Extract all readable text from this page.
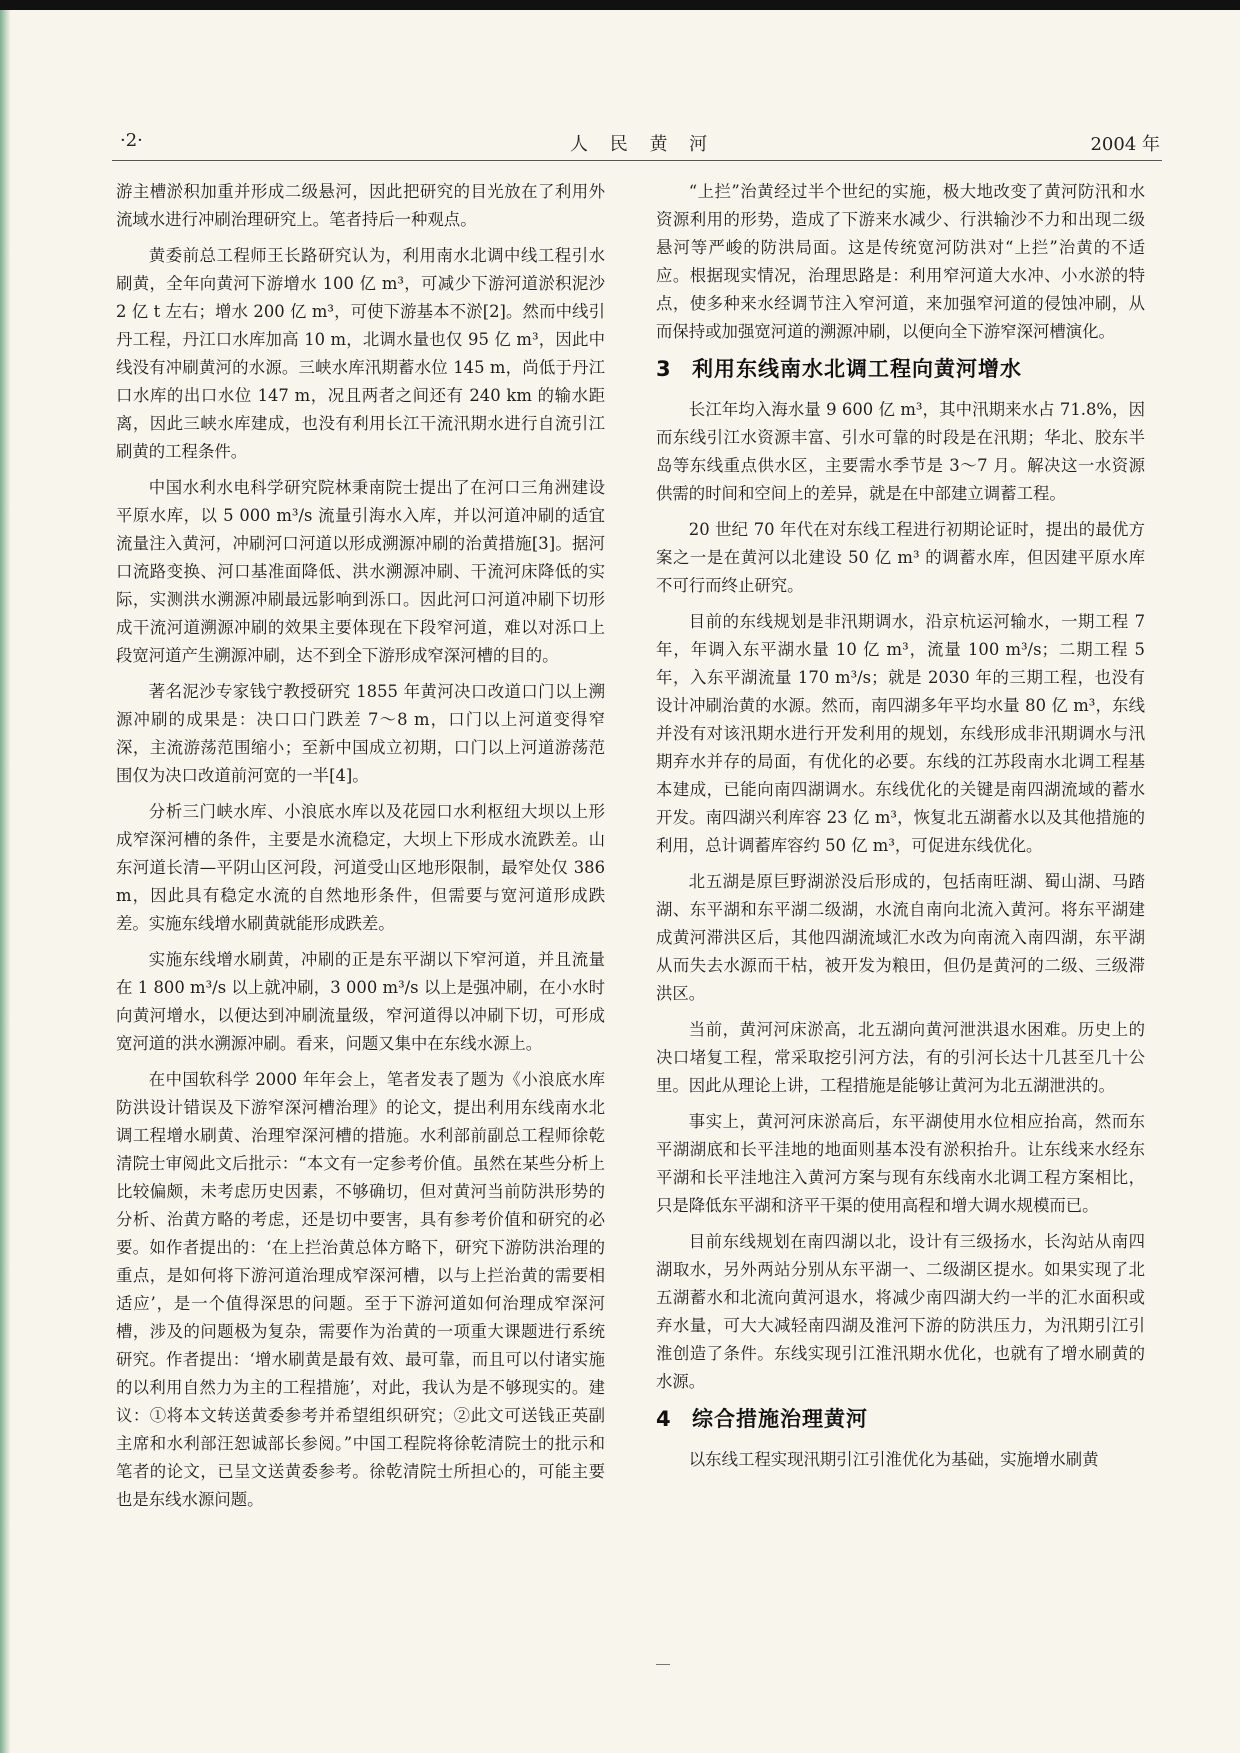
·2·	人 民 黄 河	2004 年

游主槽淤积加重并形成二级悬河，因此把研究的目光放在了利用外流域水进行冲刷治理研究上。笔者持后一种观点。

黄委前总工程师王长路研究认为，利用南水北调中线工程引水刷黄，全年向黄河下游增水 100 亿 m³，可减少下游河道淤积泥沙 2 亿 t 左右；增水 200 亿 m³，可使下游基本不淤[2]。然而中线引丹工程，丹江口水库加高 10 m，北调水量也仅 95 亿 m³，因此中线没有冲刷黄河的水源。三峡水库汛期蓄水位 145 m，尚低于丹江口水库的出口水位 147 m，况且两者之间还有 240 km 的输水距离，因此三峡水库建成，也没有利用长江干流汛期水进行自流引江刷黄的工程条件。

中国水利水电科学研究院林秉南院士提出了在河口三角洲建设平原水库，以 5 000 m³/s 流量引海水入库，并以河道冲刷的适宜流量注入黄河，冲刷河口河道以形成溯源冲刷的治黄措施[3]。据河口流路变换、河口基准面降低、洪水溯源冲刷、干流河床降低的实际，实测洪水溯源冲刷最远影响到泺口。因此河口河道冲刷下切形成干流河道溯源冲刷的效果主要体现在下段窄河道，难以对泺口上段宽河道产生溯源冲刷，达不到全下游形成窄深河槽的目的。

著名泥沙专家钱宁教授研究 1855 年黄河决口改道口门以上溯源冲刷的成果是：决口口门跌差 7～8 m，口门以上河道变得窄深，主流游荡范围缩小；至新中国成立初期，口门以上河道游荡范围仅为决口改道前河宽的一半[4]。

分析三门峡水库、小浪底水库以及花园口水利枢纽大坝以上形成窄深河槽的条件，主要是水流稳定，大坝上下形成水流跌差。山东河道长清—平阴山区河段，河道受山区地形限制，最窄处仅 386 m，因此具有稳定水流的自然地形条件，但需要与宽河道形成跌差。实施东线增水刷黄就能形成跌差。

实施东线增水刷黄，冲刷的正是东平湖以下窄河道，并且流量在 1 800 m³/s 以上就冲刷，3 000 m³/s 以上是强冲刷，在小水时向黄河增水，以便达到冲刷流量级，窄河道得以冲刷下切，可形成宽河道的洪水溯源冲刷。看来，问题又集中在东线水源上。

在中国软科学 2000 年年会上，笔者发表了题为《小浪底水库防洪设计错误及下游窄深河槽治理》的论文，提出利用东线南水北调工程增水刷黄、治理窄深河槽的措施。水利部前副总工程师徐乾清院士审阅此文后批示：“本文有一定参考价值。虽然在某些分析上比较偏颇，未考虑历史因素，不够确切，但对黄河当前防洪形势的分析、治黄方略的考虑，还是切中要害，具有参考价值和研究的必要。如作者提出的：‘在上拦治黄总体方略下，研究下游防洪治理的重点，是如何将下游河道治理成窄深河槽，以与上拦治黄的需要相适应’，是一个值得深思的问题。至于下游河道如何治理成窄深河槽，涉及的问题极为复杂，需要作为治黄的一项重大课题进行系统研究。作者提出：‘增水刷黄是最有效、最可靠，而且可以付诸实施的以利用自然力为主的工程措施’，对此，我认为是不够现实的。建议：①将本文转送黄委参考并希望组织研究；②此文可送钱正英副主席和水利部汪恕诚部长参阅。”中国工程院将徐乾清院士的批示和笔者的论文，已呈文送黄委参考。徐乾清院士所担心的，可能主要也是东线水源问题。

“上拦”治黄经过半个世纪的实施，极大地改变了黄河防汛和水资源利用的形势，造成了下游来水减少、行洪输沙不力和出现二级悬河等严峻的防洪局面。这是传统宽河防洪对“上拦”治黄的不适应。根据现实情况，治理思路是：利用窄河道大水冲、小水淤的特点，使多种来水经调节注入窄河道，来加强窄河道的侵蚀冲刷，从而保持或加强宽河道的溯源冲刷，以便向全下游窄深河槽演化。

3 利用东线南水北调工程向黄河增水

长江年均入海水量 9 600 亿 m³，其中汛期来水占 71.8%，因而东线引江水资源丰富、引水可靠的时段是在汛期；华北、胶东半岛等东线重点供水区，主要需水季节是 3～7 月。解决这一水资源供需的时间和空间上的差异，就是在中部建立调蓄工程。

20 世纪 70 年代在对东线工程进行初期论证时，提出的最优方案之一是在黄河以北建设 50 亿 m³ 的调蓄水库，但因建平原水库不可行而终止研究。

目前的东线规划是非汛期调水，沿京杭运河输水，一期工程 7 年，年调入东平湖水量 10 亿 m³，流量 100 m³/s；二期工程 5 年，入东平湖流量 170 m³/s；就是 2030 年的三期工程，也没有设计冲刷治黄的水源。然而，南四湖多年平均水量 80 亿 m³，东线并没有对该汛期水进行开发利用的规划，东线形成非汛期调水与汛期弃水并存的局面，有优化的必要。东线的江苏段南水北调工程基本建成，已能向南四湖调水。东线优化的关键是南四湖流域的蓄水开发。南四湖兴利库容 23 亿 m³，恢复北五湖蓄水以及其他措施的利用，总计调蓄库容约 50 亿 m³，可促进东线优化。

北五湖是原巨野湖淤没后形成的，包括南旺湖、蜀山湖、马踏湖、东平湖和东平湖二级湖，水流自南向北流入黄河。将东平湖建成黄河滞洪区后，其他四湖流域汇水改为向南流入南四湖，东平湖从而失去水源而干枯，被开发为粮田，但仍是黄河的二级、三级滞洪区。

当前，黄河河床淤高，北五湖向黄河泄洪退水困难。历史上的决口堵复工程，常采取挖引河方法，有的引河长达十几甚至几十公里。因此从理论上讲，工程措施是能够让黄河为北五湖泄洪的。

事实上，黄河河床淤高后，东平湖使用水位相应抬高，然而东平湖湖底和长平洼地的地面则基本没有淤积抬升。让东线来水经东平湖和长平洼地注入黄河方案与现有东线南水北调工程方案相比，只是降低东平湖和济平干渠的使用高程和增大调水规模而已。

目前东线规划在南四湖以北，设计有三级扬水，长沟站从南四湖取水，另外两站分别从东平湖一、二级湖区提水。如果实现了北五湖蓄水和北流向黄河退水，将减少南四湖大约一半的汇水面积或弃水量，可大大减轻南四湖及淮河下游的防洪压力，为汛期引江引淮创造了条件。东线实现引江淮汛期水优化，也就有了增水刷黄的水源。

4 综合措施治理黄河

以东线工程实现汛期引江引淮优化为基础，实施增水刷黄
